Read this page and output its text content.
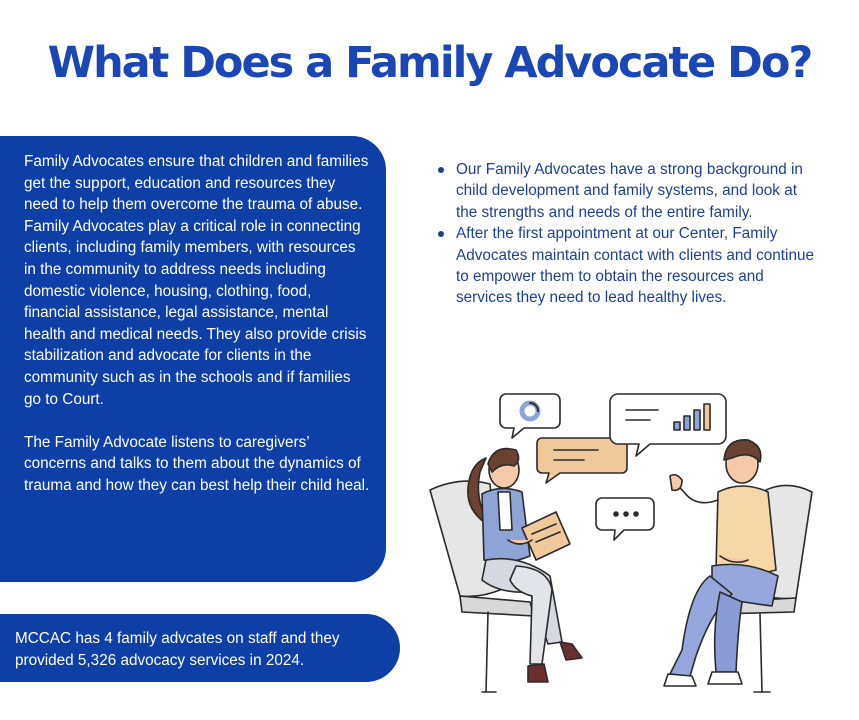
What Does a Family Advocate Do?

Family Advocates ensure that children and families get the support, education and resources they need to help them overcome the trauma of abuse. Family Advocates play a critical role in connecting clients, including family members, with resources in the community to address needs including domestic violence, housing, clothing, food, financial assistance, legal assistance, mental health and medical needs. They also provide crisis stabilization and advocate for clients in the community such as in the schools and if families go to Court.

The Family Advocate listens to caregivers’ concerns and talks to them about the dynamics of trauma and how they can best help their child heal.

MCCAC has 4 family advcates on staff and they provided 5,326 advocacy services in 2024.
Our Family Advocates have a strong background in child development and family systems, and look at the strengths and needs of the entire family.
After the first appointment at our Center, Family Advocates maintain contact with clients and continue to empower them to obtain the resources and services they need to lead healthy lives.
